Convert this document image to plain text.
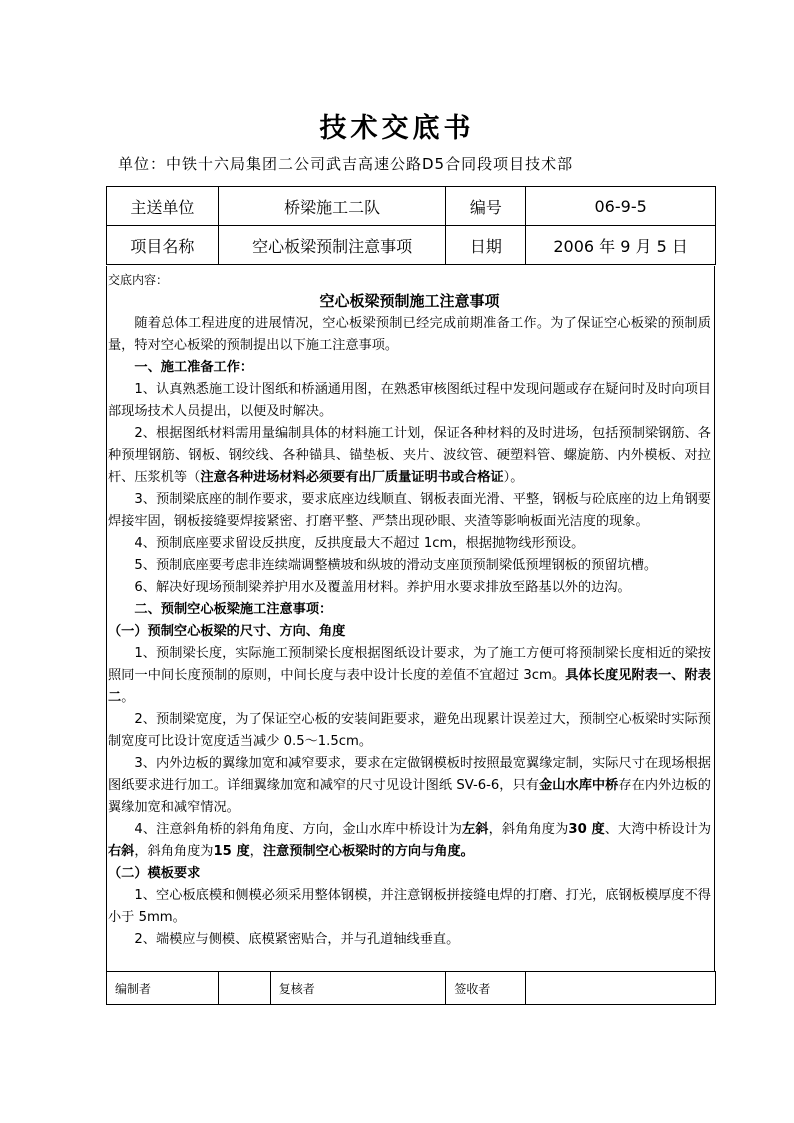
技术交底书
单位：中铁十六局集团二公司武吉高速公路D5合同段项目技术部
主送单位	桥梁施工二队	编号	06-9-5
项目名称	空心板梁预制注意事项	日期	2006 年 9 月 5 日

交底内容：

空心板梁预制施工注意事项

随着总体工程进度的进展情况，空心板梁预制已经完成前期准备工作。为了保证空心板梁的预制质量，特对空心板梁的预制提出以下施工注意事项。

一、施工准备工作：

1、认真熟悉施工设计图纸和桥涵通用图，在熟悉审核图纸过程中发现问题或存在疑问时及时向项目部现场技术人员提出，以便及时解决。

2、根据图纸材料需用量编制具体的材料施工计划，保证各种材料的及时进场，包括预制梁钢筋、各种预埋钢筋、钢板、钢绞线、各种锚具、锚垫板、夹片、波纹管、硬塑料管、螺旋筋、内外模板、对拉杆、压浆机等（注意各种进场材料必须要有出厂质量证明书或合格证）。

3、预制梁底座的制作要求，要求底座边线顺直、钢板表面光滑、平整，钢板与砼底座的边上角钢要焊接牢固，钢板接缝要焊接紧密、打磨平整、严禁出现砂眼、夹渣等影响板面光洁度的现象。

4、预制底座要求留设反拱度，反拱度最大不超过 1cm，根据抛物线形预设。

5、预制底座要考虑非连续端调整横坡和纵坡的滑动支座顶预制梁低预埋钢板的预留坑槽。

6、解决好现场预制梁养护用水及覆盖用材料。养护用水要求排放至路基以外的边沟。

二、预制空心板梁施工注意事项：

（一）预制空心板梁的尺寸、方向、角度

1、预制梁长度，实际施工预制梁长度根据图纸设计要求，为了施工方便可将预制梁长度相近的梁按照同一中间长度预制的原则，中间长度与表中设计长度的差值不宜超过 3cm。具体长度见附表一、附表二。

2、预制梁宽度，为了保证空心板的安装间距要求，避免出现累计误差过大，预制空心板梁时实际预制宽度可比设计宽度适当减少 0.5～1.5cm。

3、内外边板的翼缘加宽和减窄要求，要求在定做钢模板时按照最宽翼缘定制，实际尺寸在现场根据图纸要求进行加工。详细翼缘加宽和减窄的尺寸见设计图纸 SV-6-6，只有金山水库中桥存在内外边板的翼缘加宽和减窄情况。

4、注意斜角桥的斜角角度、方向，金山水库中桥设计为左斜，斜角角度为30 度、大湾中桥设计为右斜，斜角角度为15 度，注意预制空心板梁时的方向与角度。

（二）模板要求

1、空心板底模和侧模必须采用整体钢模，并注意钢板拼接缝电焊的打磨、打光，底钢板模厚度不得小于 5mm。

2、端模应与侧模、底模紧密贴合，并与孔道轴线垂直。

编制者		复核者	签收者	
